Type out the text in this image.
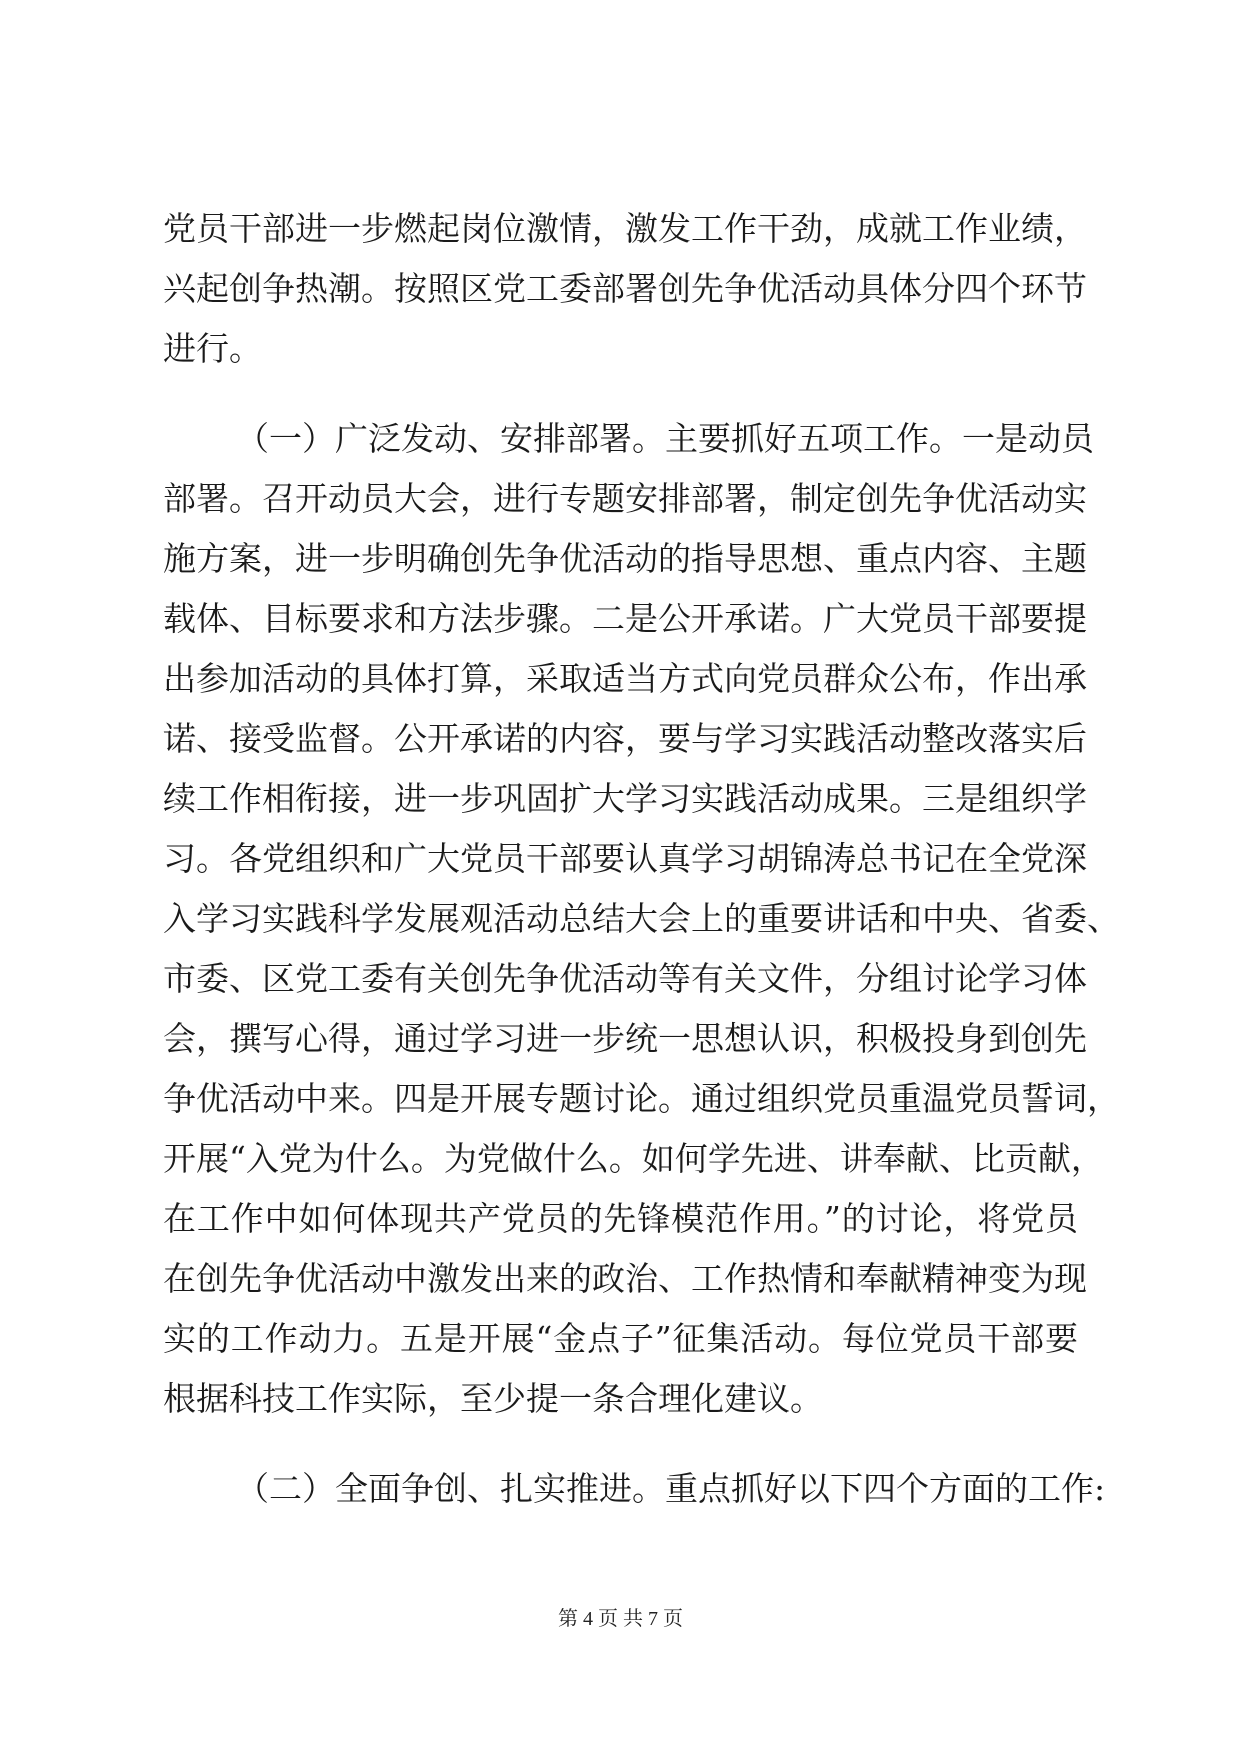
党员干部进一步燃起岗位激情，激发工作干劲，成就工作业绩，
兴起创争热潮。按照区党工委部署创先争优活动具体分四个环节
进行。
（一）广泛发动、安排部署。主要抓好五项工作。一是动员
部署。召开动员大会，进行专题安排部署，制定创先争优活动实
施方案，进一步明确创先争优活动的指导思想、重点内容、主题
载体、目标要求和方法步骤。二是公开承诺。广大党员干部要提
出参加活动的具体打算，采取适当方式向党员群众公布，作出承
诺、接受监督。公开承诺的内容，要与学习实践活动整改落实后
续工作相衔接，进一步巩固扩大学习实践活动成果。三是组织学
习。各党组织和广大党员干部要认真学习胡锦涛总书记在全党深
入学习实践科学发展观活动总结大会上的重要讲话和中央、省委、
市委、区党工委有关创先争优活动等有关文件，分组讨论学习体
会，撰写心得，通过学习进一步统一思想认识，积极投身到创先
争优活动中来。四是开展专题讨论。通过组织党员重温党员誓词，
开展“入党为什么。为党做什么。如何学先进、讲奉献、比贡献，
在工作中如何体现共产党员的先锋模范作用。”的讨论，将党员
在创先争优活动中激发出来的政治、工作热情和奉献精神变为现
实的工作动力。五是开展“金点子”征集活动。每位党员干部要
根据科技工作实际，至少提一条合理化建议。
（二）全面争创、扎实推进。重点抓好以下四个方面的工作:
第 4 页 共 7 页
